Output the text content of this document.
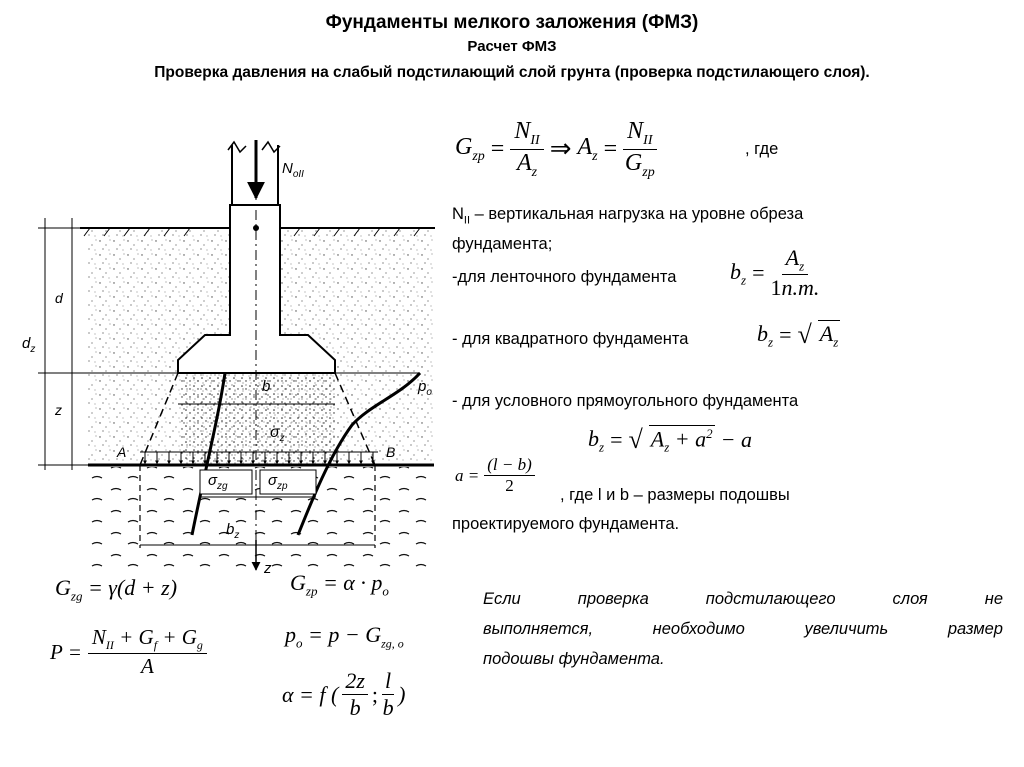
Фундаменты мелкого заложения (ФМЗ)
Расчет ФМЗ
Проверка давления на слабый подстилающий слой грунта (проверка подстилающего слоя).
$N_{oII}$
d
$d_z$
z
b	$p_o$
$\sigma_z$
$\sigma_{zg}$	$\sigma_{zp}$
A	B
$b_z$
z
$G_{zp}$ =
$N_{II}$
$A_z$
⇒ $A_z$ =
$N_{II}$
$G_{zp}$
, где
$N_{II}$ – вертикальная нагрузка на уровне обреза
фундамента;
-для ленточного фундамента $b_z = \frac{A_z}{1n.m.}$
- для квадратного фундамента	$b_z$ = √ $A_z$
- для условного прямоугольного фундамента
$b_z$ = √ $A_z + a^2 - a$
$a = \frac{(l - b)}{2}$ , где l и b – размеры подошвы
проектируемого фундамента.
Если проверка подстилающего слоя не
выполняется, необходимо увеличить размер
подошвы фундамента.
$G_{zg} = \gamma(d + z)$	$G_{zp} = \alpha \cdot p_o$
P =
$N_{II} + G_f + G_g$
A
$p_o = p - G_{zg, o}$
α = f (
2z
b
;
l
b
)
